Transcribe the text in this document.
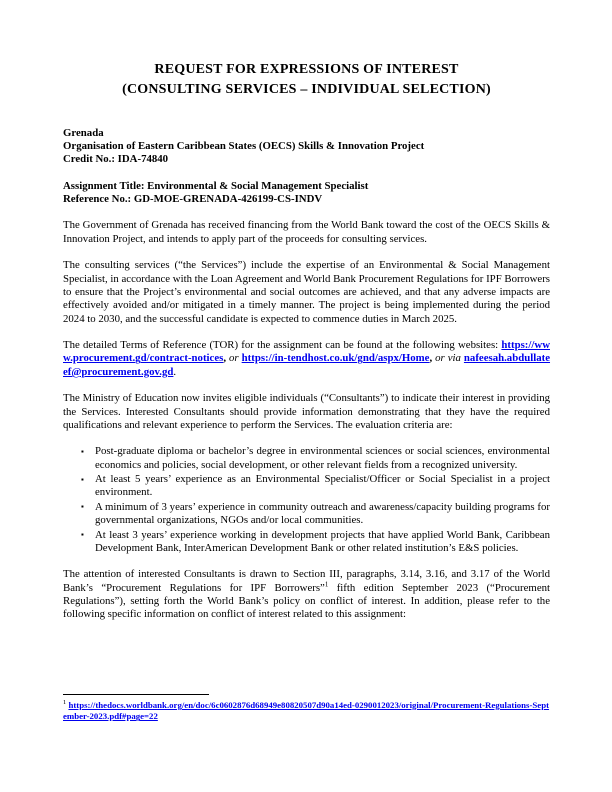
REQUEST FOR EXPRESSIONS OF INTEREST
(CONSULTING SERVICES – INDIVIDUAL SELECTION)
Grenada
Organisation of Eastern Caribbean States (OECS) Skills & Innovation Project
Credit No.: IDA-74840
Assignment Title: Environmental & Social Management Specialist
Reference No.: GD-MOE-GRENADA-426199-CS-INDV

The Government of Grenada has received financing from the World Bank toward the cost of the OECS Skills & Innovation Project, and intends to apply part of the proceeds for consulting services.

The consulting services (“the Services”) include the expertise of an Environmental & Social Management Specialist, in accordance with the Loan Agreement and World Bank Procurement Regulations for IPF Borrowers to ensure that the Project’s environmental and social outcomes are achieved, and that any adverse impacts are effectively avoided and/or mitigated in a timely manner. The project is being implemented during the period 2024 to 2030, and the successful candidate is expected to commence duties in March 2025.

The detailed Terms of Reference (TOR) for the assignment can be found at the following websites: https://www.procurement.gd/contract-notices, or https://in-tendhost.co.uk/gnd/aspx/Home, or via nafeesah.abdullateef@procurement.gov.gd.

The Ministry of Education now invites eligible individuals (“Consultants”) to indicate their interest in providing the Services. Interested Consultants should provide information demonstrating that they have the required qualifications and relevant experience to perform the Services. The evaluation criteria are:

▪	Post-graduate diploma or bachelor’s degree in environmental sciences or social sciences, environmental economics and policies, social development, or other relevant fields from a recognized university.
▪	At least 5 years’ experience as an Environmental Specialist/Officer or Social Specialist in a project environment.
▪	A minimum of 3 years’ experience in community outreach and awareness/capacity building programs for governmental organizations, NGOs and/or local communities.
▪	At least 3 years’ experience working in development projects that have applied World Bank, Caribbean Development Bank, InterAmerican Development Bank or other related institution’s E&S policies.

The attention of interested Consultants is drawn to Section III, paragraphs, 3.14, 3.16, and 3.17 of the World Bank’s “Procurement Regulations for IPF Borrowers”$^1$ fifth edition September 2023 (“Procurement Regulations”), setting forth the World Bank’s policy on conflict of interest. In addition, please refer to the following specific information on conflict of interest related to this assignment:

$^1$ https://thedocs.worldbank.org/en/doc/6c0602876d68949e80820507d90a14ed-0290012023/original/Procurement-Regulations-September-2023.pdf#page=22
